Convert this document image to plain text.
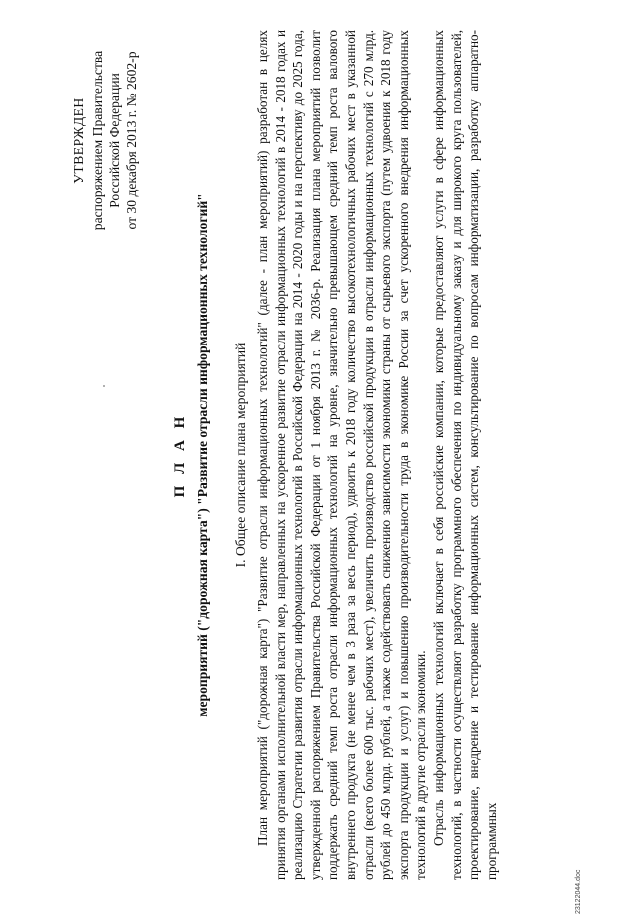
УТВЕРЖДЕН распоряжением Правительства Российской Федерации от 30 декабря 2013 г. № 2602-р
П Л А Н мероприятий ("дорожная карта") "Развитие отрасли информационных технологий" I. Общее описание плана мероприятий План мероприятий ("дорожная карта") "Развитие отрасли информационных технологий" (далее - план мероприятий) разработан в целях принятия органами исполнительной власти мер, направленных на ускоренное развитие отрасли информационных технологий в 2014 - 2018 годах и реализацию Стратегии развития отрасли информационных технологий в Российской Федерации на 2014 - 2020 годы и на перспективу до 2025 года, утвержденной распоряжением Правительства Российской Федерации от 1 ноября 2013 г. № 2036-р. Реализация плана мероприятий позволит поддержать средний темп роста отрасли информационных технологий на уровне, значительно превышающем средний темп роста валового внутреннего продукта (не менее чем в 3 раза за весь период), удвоить к 2018 году количество высокотехнологичных рабочих мест в указанной отрасли (всего более 600 тыс. рабочих мест), увеличить производство российской продукции в отрасли информационных технологий с 270 млрд. рублей до 450 млрд. рублей, а также содействовать снижению зависимости экономики страны от сырьевого экспорта (путем удвоения к 2018 году экспорта продукции и услуг) и повышению производительности труда в экономике России за счет ускоренного внедрения информационных технологий в другие отрасли экономики. Отрасль информационных технологий включает в себя российские компании, которые предоставляют услуги в сфере информационных технологий, в частности осуществляют разработку программного обеспечения по индивидуальному заказу и для широкого круга пользователей, проектирование, внедрение и тестирование информационных систем, консультирование по вопросам информатизации, разработку аппаратно-программных

23122044.doc
